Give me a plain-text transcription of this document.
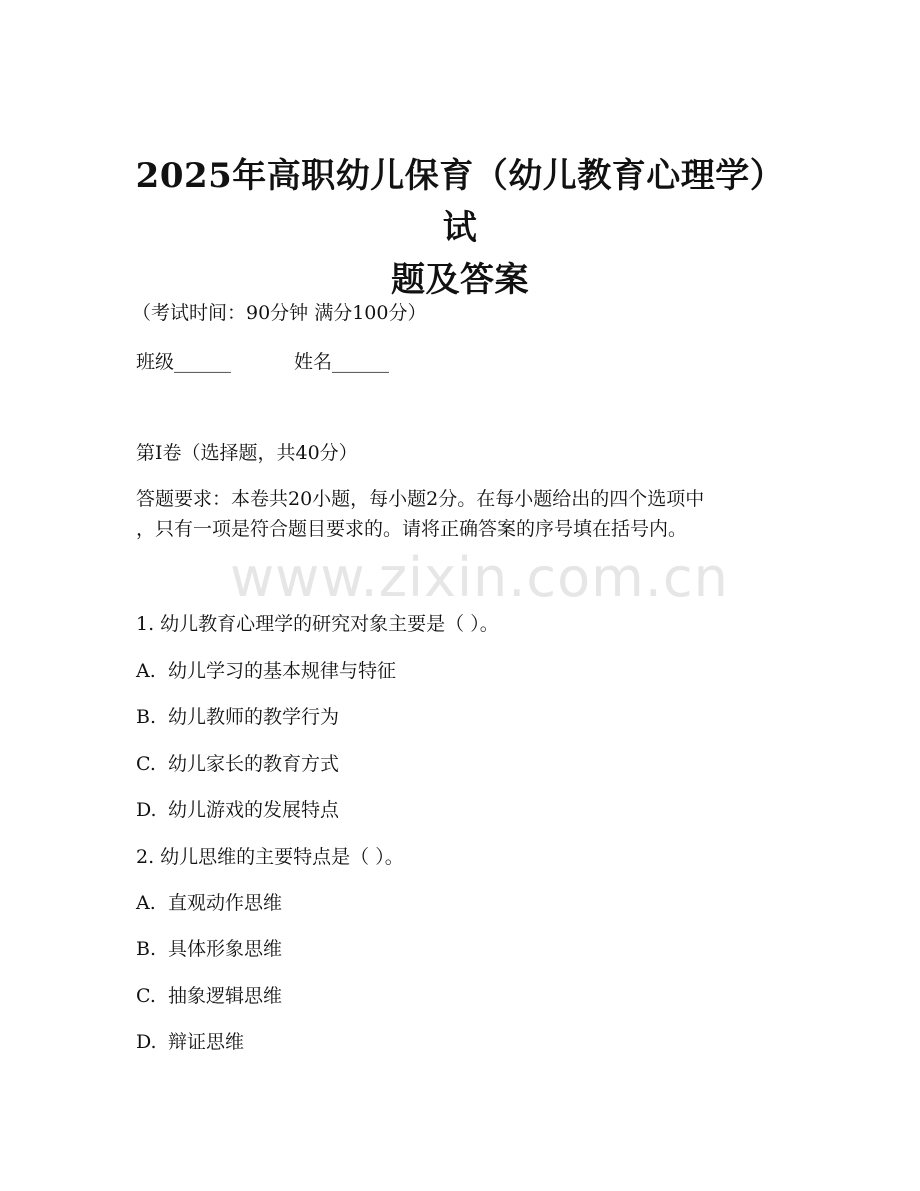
www.zixin.com.cn
2025年高职幼儿保育（幼儿教育心理学）试
题及答案
（考试时间：90分钟 满分100分）
班级______	姓名______
第I卷（选择题，共40分）
答题要求：本卷共20小题，每小题2分。在每小题给出的四个选项中
，只有一项是符合题目要求的。请将正确答案的序号填在括号内。
1. 幼儿教育心理学的研究对象主要是（ ）。
A. 幼儿学习的基本规律与特征
B. 幼儿教师的教学行为
C. 幼儿家长的教育方式
D. 幼儿游戏的发展特点
2. 幼儿思维的主要特点是（ ）。
A. 直观动作思维
B. 具体形象思维
C. 抽象逻辑思维
D. 辩证思维
